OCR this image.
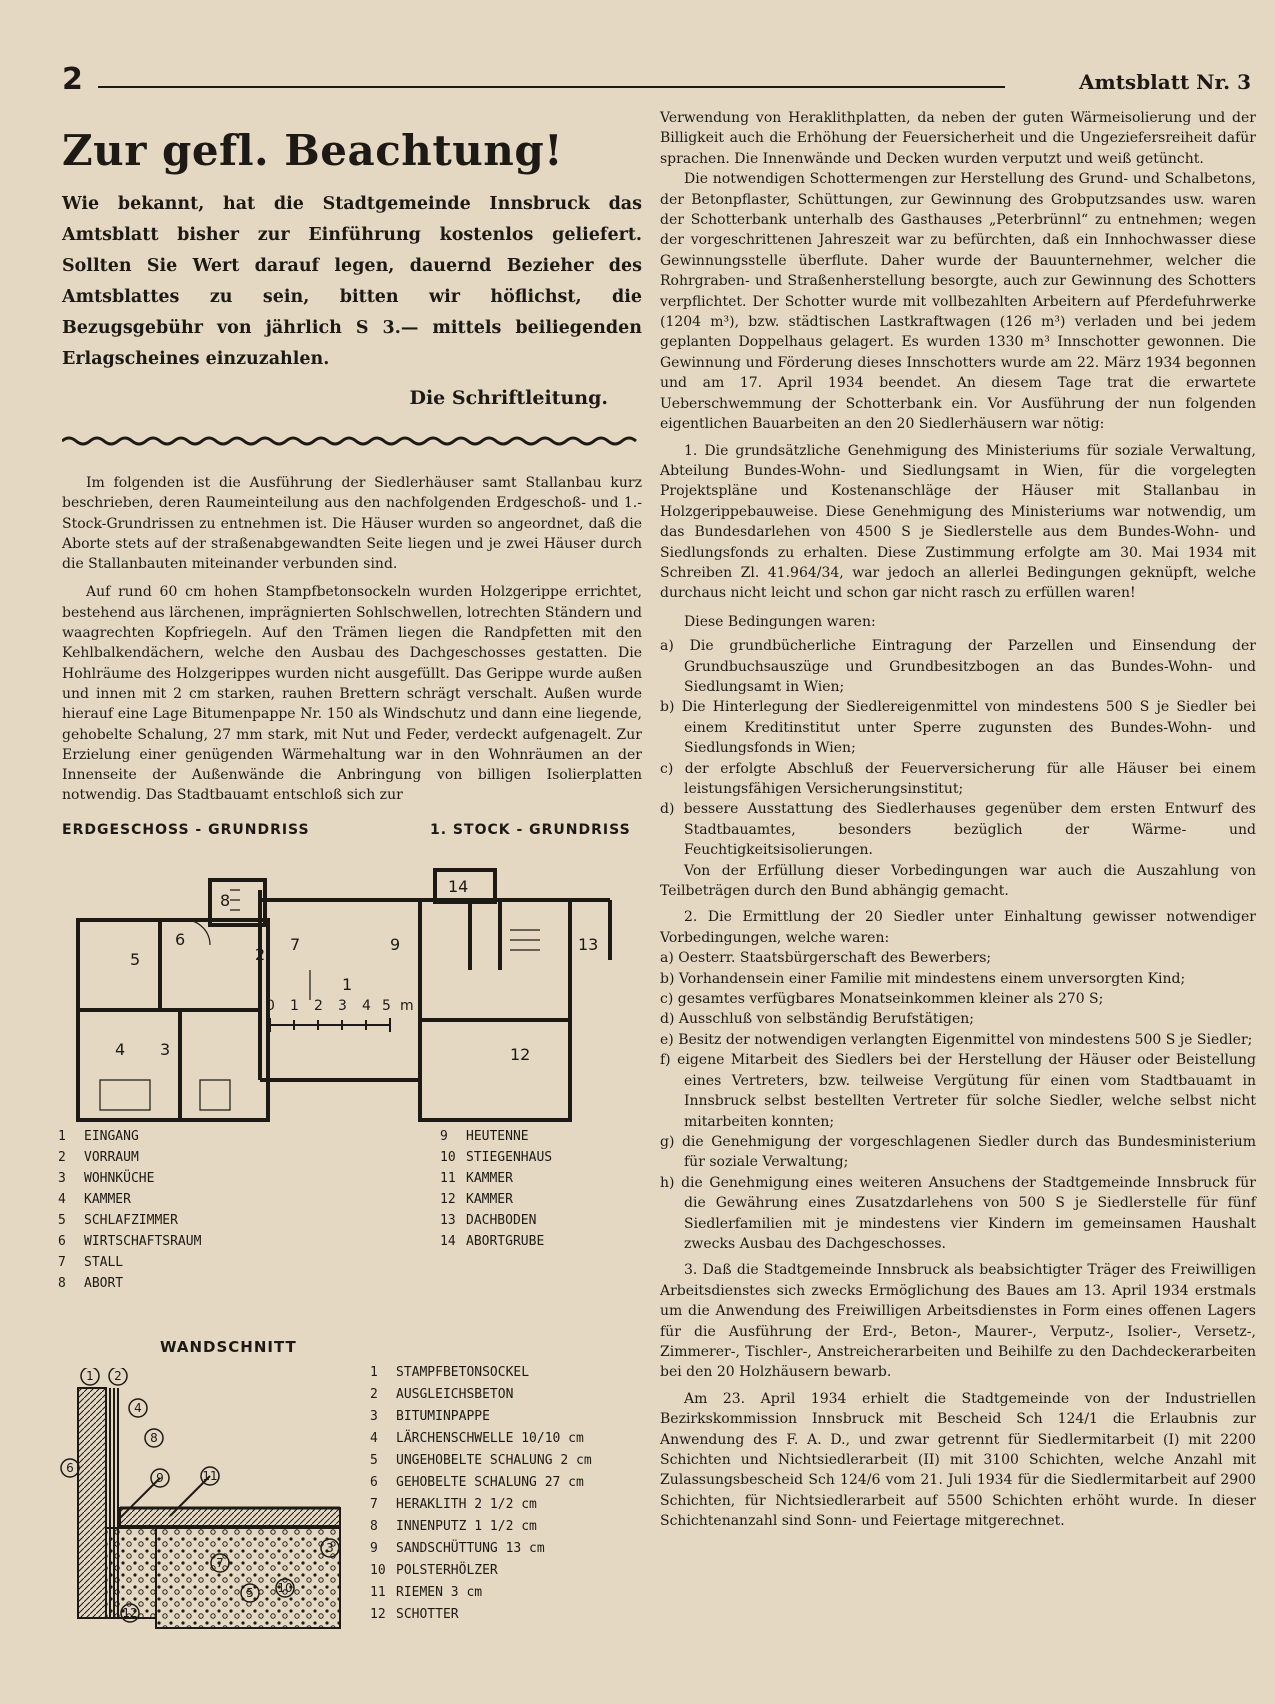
2	Amtsblatt Nr. 3
Zur gefl. Beachtung!

Wie bekannt, hat die Stadtgemeinde Innsbruck das Amtsblatt bisher zur Einführung kostenlos geliefert. Sollten Sie Wert darauf legen, dauernd Bezieher des Amtsblattes zu sein, bitten wir höflichst, die Bezugsgebühr von jährlich S 3.— mittels beiliegenden Erlagscheines einzuzahlen.

Die Schriftleitung.

Im folgenden ist die Ausführung der Siedlerhäuser samt Stallanbau kurz beschrieben, deren Raumeinteilung aus den nachfolgenden Erdgeschoß- und 1.-Stock-Grundrissen zu entnehmen ist. Die Häuser wurden so angeordnet, daß die Aborte stets auf der straßenabgewandten Seite liegen und je zwei Häuser durch die Stallanbauten miteinander verbunden sind.

Auf rund 60 cm hohen Stampfbetonsockeln wurden Holzgerippe errichtet, bestehend aus lärchenen, imprägnierten Sohlschwellen, lotrechten Ständern und waagrechten Kopfriegeln. Auf den Trämen liegen die Randpfetten mit den Kehlbalkendächern, welche den Ausbau des Dachgeschosses gestatten. Die Hohlräume des Holzgerippes wurden nicht ausgefüllt. Das Gerippe wurde außen und innen mit 2 cm starken, rauhen Brettern schrägt verschalt. Außen wurde hierauf eine Lage Bitumenpappe Nr. 150 als Windschutz und dann eine liegende, gehobelte Schalung, 27 mm stark, mit Nut und Feder, verdeckt aufgenagelt. Zur Erzielung einer genügenden Wärmehaltung war in den Wohnräumen an der Innenseite der Außenwände die Anbringung von billigen Isolierplatten notwendig. Das Stadtbauamt entschloß sich zur

ERDGESCHOSS - GRUNDRISS	1. STOCK - GRUNDRISS
0 1 2 3 4 5 m
1
2
3
4
5
6	7
8
9
12
13
14
1 EINGANG
2 VORRAUM
3 WOHNKÜCHE
4 KAMMER
5 SCHLAFZIMMER
6 WIRTSCHAFTSRAUM
7 STALL
8 ABORT
9 HEUTENNE
10 STIEGENHAUS
11 KAMMER
12 KAMMER
13 DACHBODEN
14 ABORTGRUBE
WANDSCHNITT
1 2
3
4
5
6
7
8
9
10
11
12
1 STAMPFBETONSOCKEL
2 AUSGLEICHSBETON
3 BITUMINPAPPE
4 LÄRCHENSCHWELLE 10/10 cm
5 UNGEHOBELTE SCHALUNG 2 cm
6 GEHOBELTE SCHALUNG 27 cm
7 HERAKLITH 2 1/2 cm
8 INNENPUTZ 1 1/2 cm
9 SANDSCHÜTTUNG 13 cm
10 POLSTERHÖLZER
11 RIEMEN 3 cm
12 SCHOTTER

Verwendung von Heraklithplatten, da neben der guten Wärmeisolierung und der Billigkeit auch die Erhöhung der Feuersicherheit und die Ungeziefersreiheit dafür sprachen. Die Innenwände und Decken wurden verputzt und weiß getüncht.

Die notwendigen Schottermengen zur Herstellung des Grund- und Schalbetons, der Betonpflaster, Schüttungen, zur Gewinnung des Grobputzsandes usw. waren der Schotterbank unterhalb des Gasthauses „Peterbrünnl“ zu entnehmen; wegen der vorgeschrittenen Jahreszeit war zu befürchten, daß ein Innhochwasser diese Gewinnungsstelle überflute. Daher wurde der Bauunternehmer, welcher die Rohrgraben- und Straßenherstellung besorgte, auch zur Gewinnung des Schotters verpflichtet. Der Schotter wurde mit vollbezahlten Arbeitern auf Pferdefuhrwerke (1204 m³), bzw. städtischen Lastkraftwagen (126 m³) verladen und bei jedem geplanten Doppelhaus gelagert. Es wurden 1330 m³ Innschotter gewonnen. Die Gewinnung und Förderung dieses Innschotters wurde am 22. März 1934 begonnen und am 17. April 1934 beendet. An diesem Tage trat die erwartete Ueberschwemmung der Schotterbank ein. Vor Ausführung der nun folgenden eigentlichen Bauarbeiten an den 20 Siedlerhäusern war nötig:

1. Die grundsätzliche Genehmigung des Ministeriums für soziale Verwaltung, Abteilung Bundes-Wohn- und Siedlungsamt in Wien, für die vorgelegten Projektspläne und Kostenanschläge der Häuser mit Stallanbau in Holzgerippebauweise. Diese Genehmigung des Ministeriums war notwendig, um das Bundesdarlehen von 4500 S je Siedlerstelle aus dem Bundes-Wohn- und Siedlungsfonds zu erhalten. Diese Zustimmung erfolgte am 30. Mai 1934 mit Schreiben Zl. 41.964/34, war jedoch an allerlei Bedingungen geknüpft, welche durchaus nicht leicht und schon gar nicht rasch zu erfüllen waren!

Diese Bedingungen waren:

a) Die grundbücherliche Eintragung der Parzellen und Einsendung der Grundbuchsauszüge und Grundbesitzbogen an das Bundes-Wohn- und Siedlungsamt in Wien;

b) Die Hinterlegung der Siedlereigenmittel von mindestens 500 S je Siedler bei einem Kreditinstitut unter Sperre zugunsten des Bundes-Wohn- und Siedlungsfonds in Wien;

c) der erfolgte Abschluß der Feuerversicherung für alle Häuser bei einem leistungsfähigen Versicherungsinstitut;

d) bessere Ausstattung des Siedlerhauses gegenüber dem ersten Entwurf des Stadtbauamtes, besonders bezüglich der Wärme- und Feuchtigkeitsisolierungen.

Von der Erfüllung dieser Vorbedingungen war auch die Auszahlung von Teilbeträgen durch den Bund abhängig gemacht.

2. Die Ermittlung der 20 Siedler unter Einhaltung gewisser notwendiger Vorbedingungen, welche waren:

a) Oesterr. Staatsbürgerschaft des Bewerbers;

b) Vorhandensein einer Familie mit mindestens einem unversorgten Kind;

c) gesamtes verfügbares Monatseinkommen kleiner als 270 S;

d) Ausschluß von selbständig Berufstätigen;

e) Besitz der notwendigen verlangten Eigenmittel von mindestens 500 S je Siedler;

f) eigene Mitarbeit des Siedlers bei der Herstellung der Häuser oder Beistellung eines Vertreters, bzw. teilweise Vergütung für einen vom Stadtbauamt in Innsbruck selbst bestellten Vertreter für solche Siedler, welche selbst nicht mitarbeiten konnten;

g) die Genehmigung der vorgeschlagenen Siedler durch das Bundesministerium für soziale Verwaltung;

h) die Genehmigung eines weiteren Ansuchens der Stadtgemeinde Innsbruck für die Gewährung eines Zusatzdarlehens von 500 S je Siedlerstelle für fünf Siedlerfamilien mit je mindestens vier Kindern im gemeinsamen Haushalt zwecks Ausbau des Dachgeschosses.

3. Daß die Stadtgemeinde Innsbruck als beabsichtigter Träger des Freiwilligen Arbeitsdienstes sich zwecks Ermöglichung des Baues am 13. April 1934 erstmals um die Anwendung des Freiwilligen Arbeitsdienstes in Form eines offenen Lagers für die Ausführung der Erd-, Beton-, Maurer-, Verputz-, Isolier-, Versetz-, Zimmerer-, Tischler-, Anstreicherarbeiten und Beihilfe zu den Dachdeckerarbeiten bei den 20 Holzhäusern bewarb.

Am 23. April 1934 erhielt die Stadtgemeinde von der Industriellen Bezirkskommission Innsbruck mit Bescheid Sch 124/1 die Erlaubnis zur Anwendung des F. A. D., und zwar getrennt für Siedlermitarbeit (I) mit 2200 Schichten und Nichtsiedlerarbeit (II) mit 3100 Schichten, welche Anzahl mit Zulassungsbescheid Sch 124/6 vom 21. Juli 1934 für die Siedlermitarbeit auf 2900 Schichten, für Nichtsiedlerarbeit auf 5500 Schichten erhöht wurde. In dieser Schichtenanzahl sind Sonn- und Feiertage mitgerechnet.
